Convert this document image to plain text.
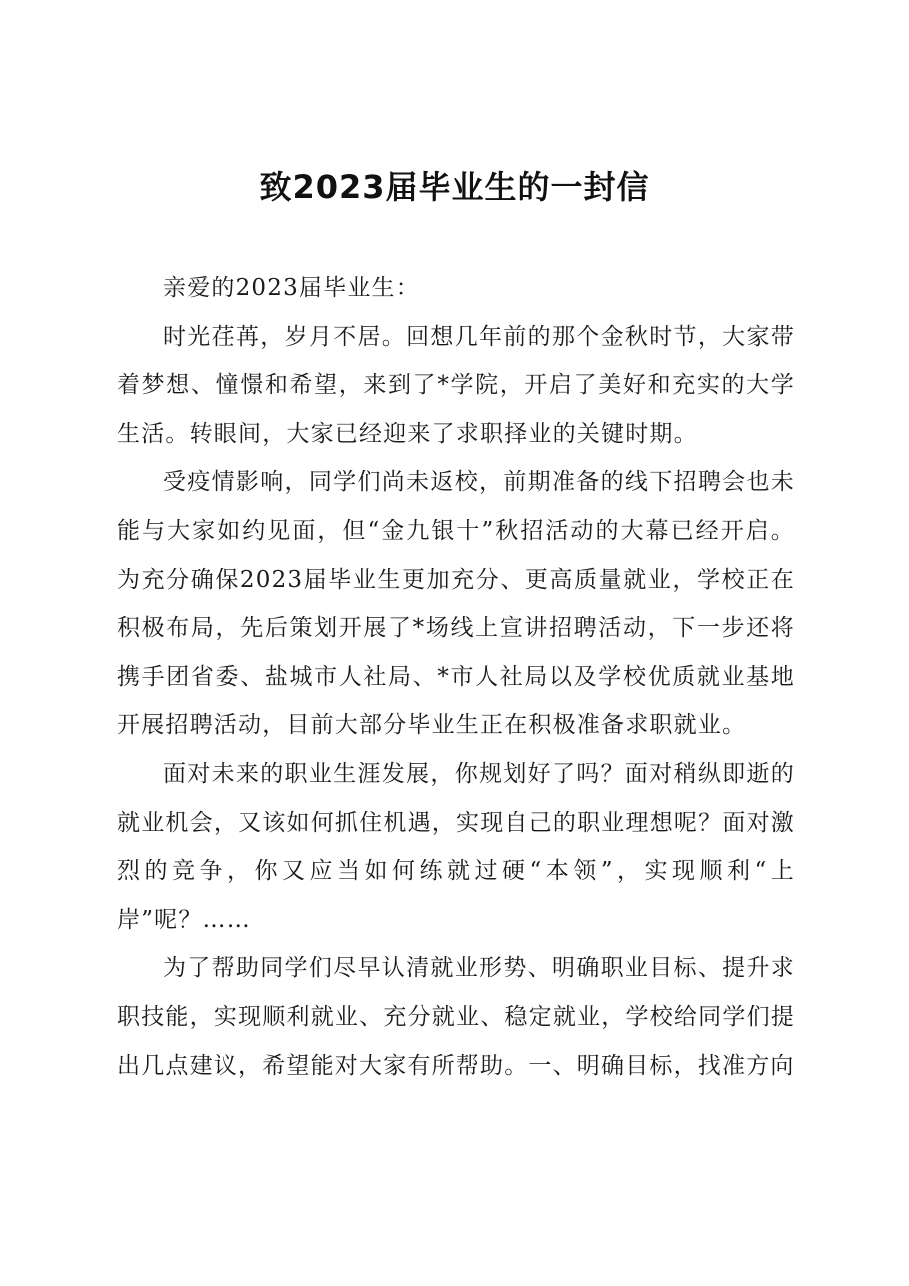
致2023届毕业生的一封信

亲爱的2023届毕业生：

时光荏苒，岁月不居。回想几年前的那个金秋时节，大家带着梦想、憧憬和希望，来到了*学院，开启了美好和充实的大学生活。转眼间，大家已经迎来了求职择业的关键时期。

受疫情影响，同学们尚未返校，前期准备的线下招聘会也未能与大家如约见面，但“金九银十”秋招活动的大幕已经开启。为充分确保2023届毕业生更加充分、更高质量就业，学校正在积极布局，先后策划开展了*场线上宣讲招聘活动，下一步还将携手团省委、盐城市人社局、*市人社局以及学校优质就业基地开展招聘活动，目前大部分毕业生正在积极准备求职就业。

面对未来的职业生涯发展，你规划好了吗？面对稍纵即逝的就业机会，又该如何抓住机遇，实现自己的职业理想呢？面对激烈的竞争，你又应当如何练就过硬“本领”，实现顺利“上岸”呢？……

为了帮助同学们尽早认清就业形势、明确职业目标、提升求职技能，实现顺利就业、充分就业、稳定就业，学校给同学们提出几点建议，希望能对大家有所帮助。一、明确目标，找准方向
